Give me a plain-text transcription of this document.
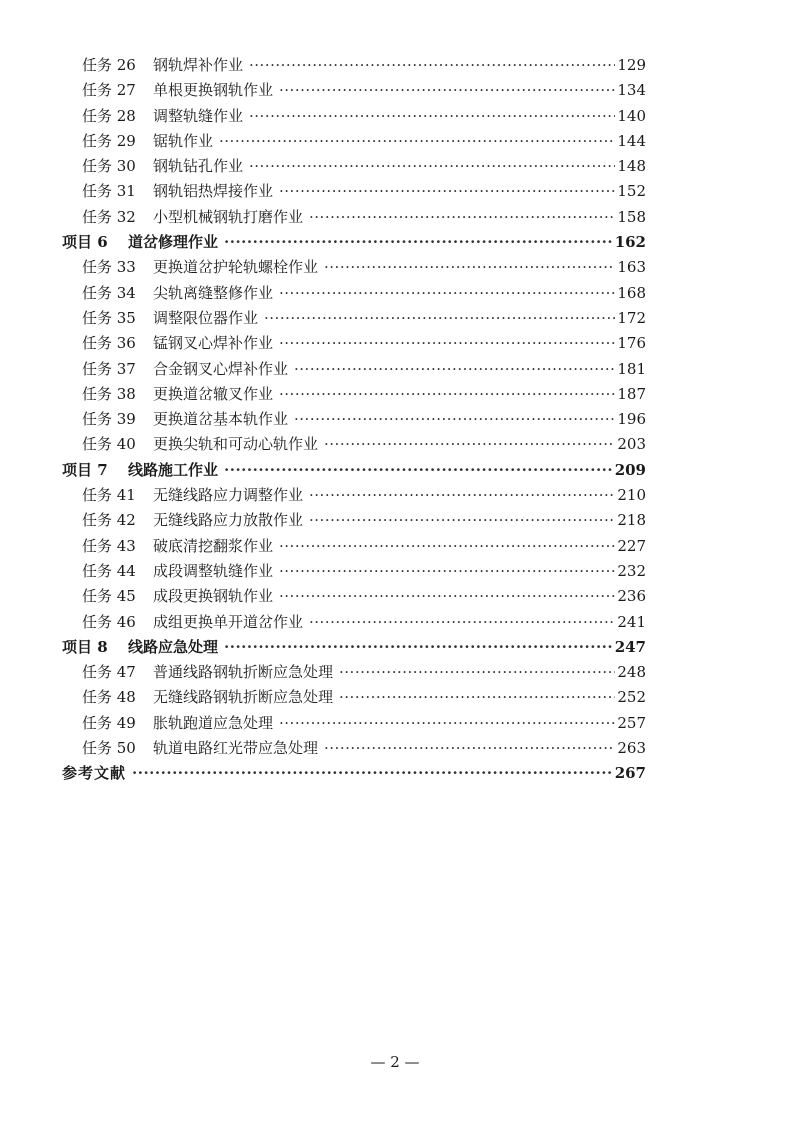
任务 26	钢轨焊补作业 ·····	129
任务 27	单根更换钢轨作业 ·····	134
任务 28	调整轨缝作业 ·····	140
任务 29	锯轨作业 ·····	144
任务 30	钢轨钻孔作业 ·····	148
任务 31	钢轨铝热焊接作业 ·····	152
任务 32	小型机械钢轨打磨作业 ·····	158
项目 6	道岔修理作业 ·····	162
任务 33	更换道岔护轮轨螺栓作业 ·····	163
任务 34	尖轨离缝整修作业 ·····	168
任务 35	调整限位器作业 ·····	172
任务 36	锰钢叉心焊补作业 ·····	176
任务 37	合金钢叉心焊补作业 ·····	181
任务 38	更换道岔辙叉作业 ·····	187
任务 39	更换道岔基本轨作业 ·····	196
任务 40	更换尖轨和可动心轨作业 ·····	203
项目 7	线路施工作业 ·····	209
任务 41	无缝线路应力调整作业 ·····	210
任务 42	无缝线路应力放散作业 ·····	218
任务 43	破底清挖翻浆作业 ·····	227
任务 44	成段调整轨缝作业 ·····	232
任务 45	成段更换钢轨作业 ·····	236
任务 46	成组更换单开道岔作业 ·····	241
项目 8	线路应急处理 ·····	247
任务 47	普通线路钢轨折断应急处理 ·····	248
任务 48	无缝线路钢轨折断应急处理 ·····	252
任务 49	胀轨跑道应急处理 ·····	257
任务 50	轨道电路红光带应急处理 ·····	263
参考文献 ·····	267
— 2 —
